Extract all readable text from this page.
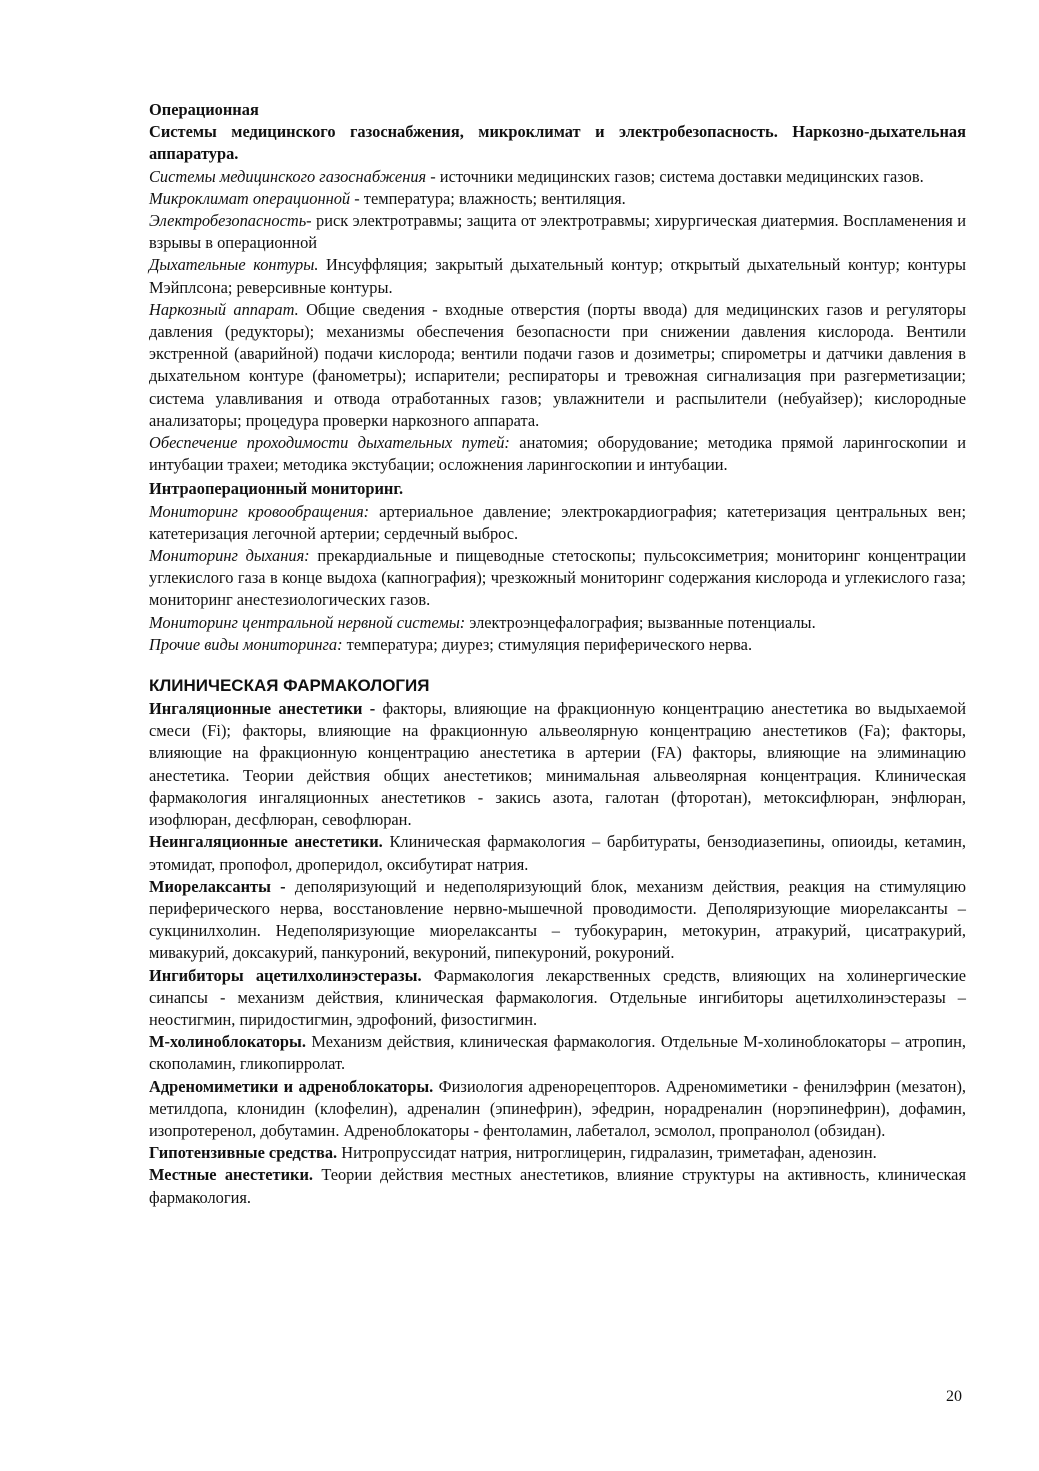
Операционная

Системы медицинского газоснабжения, микроклимат и электробезопасность. Наркозно-дыхательная аппаратура.

Системы медицинского газоснабжения - источники медицинских газов; система доставки медицинских газов.

Микроклимат операционной - температура; влажность; вентиляция.

Электробезопасность- риск электротравмы; защита от электротравмы; хирургическая диатермия. Воспламенения и взрывы в операционной

Дыхательные контуры. Инсуффляция; закрытый дыхательный контур; открытый дыхательный контур; контуры Мэйплсона; реверсивные контуры.

Наркозный аппарат. Общие сведения - входные отверстия (порты ввода) для медицинских газов и регуляторы давления (редукторы); механизмы обеспечения безопасности при снижении давления кислорода. Вентили экстренной (аварийной) подачи кислорода; вентили подачи газов и дозиметры; спирометры и датчики давления в дыхательном контуре (фанометры); испарители; респираторы и тревожная сигнализация при разгерметизации; система улавливания и отвода отработанных газов; увлажнители и распылители (небуайзер); кислородные анализаторы; процедура проверки наркозного аппарата.

Обеспечение проходимости дыхательных путей: анатомия; оборудование; методика прямой ларингоскопии и интубации трахеи; методика экстубации; осложнения ларингоскопии и интубации.

Интраоперационный мониторинг.

Мониторинг кровообращения: артериальное давление; электрокардиография; катетеризация центральных вен; катетеризация легочной артерии; сердечный выброс.

Мониторинг дыхания: прекардиальные и пищеводные стетоскопы; пульсоксиметрия; мониторинг концентрации углекислого газа в конце выдоха (капнография); чрезкожный мониторинг содержания кислорода и углекислого газа; мониторинг анестезиологических газов.

Мониторинг центральной нервной системы: электроэнцефалография; вызванные потенциалы.

Прочие виды мониторинга: температура; диурез; стимуляция периферического нерва.

КЛИНИЧЕСКАЯ ФАРМАКОЛОГИЯ

Ингаляционные анестетики - факторы, влияющие на фракционную концентрацию анестетика во выдыхаемой смеси (Fi); факторы, влияющие на фракционную альвеолярную концентрацию анестетиков (Fa); факторы, влияющие на фракционную концентрацию анестетика в артерии (FA) факторы, влияющие на элиминацию анестетика. Теории действия общих анестетиков; минимальная альвеолярная концентрация. Клиническая фармакология ингаляционных анестетиков - закись азота, галотан (фторотан), метоксифлюран, энфлюран, изофлюран, десфлюран, севофлюран.

Неингаляционные анестетики. Клиническая фармакология – барбитураты, бензодиазепины, опиоиды, кетамин, этомидат, пропофол, дроперидол, оксибутират натрия.

Миорелаксанты - деполяризующий и недеполяризующий блок, механизм действия, реакция на стимуляцию периферического нерва, восстановление нервно-мышечной проводимости. Деполяризующие миорелаксанты – сукцинилхолин. Недеполяризующие миорелаксанты – тубокурарин, метокурин, атракурий, цисатракурий, мивакурий, доксакурий, панкуроний, векуроний, пипекуроний, рокуроний.

Ингибиторы ацетилхолинэстеразы. Фармакология лекарственных средств, влияющих на холинергические синапсы - механизм действия, клиническая фармакология. Отдельные ингибиторы ацетилхолинэстеразы – неостигмин, пиридостигмин, эдрофоний, физостигмин.

М-холиноблокаторы. Механизм действия, клиническая фармакология. Отдельные М-холиноблокаторы – атропин, скополамин, гликопирролат.

Адреномиметики и адреноблокаторы. Физиология адренорецепторов. Адреномиметики - фенилэфрин (мезатон), метилдопа, клонидин (клофелин), адреналин (эпинефрин), эфедрин, норадреналин (норэпинефрин), дофамин, изопротеренол, добутамин. Адреноблокаторы - фентоламин, лабеталол, эсмолол, пропранолол (обзидан).

Гипотензивные средства. Нитропруссидат натрия, нитроглицерин, гидралазин, триметафан, аденозин.

Местные анестетики. Теории действия местных анестетиков, влияние структуры на активность, клиническая фармакология.

20
